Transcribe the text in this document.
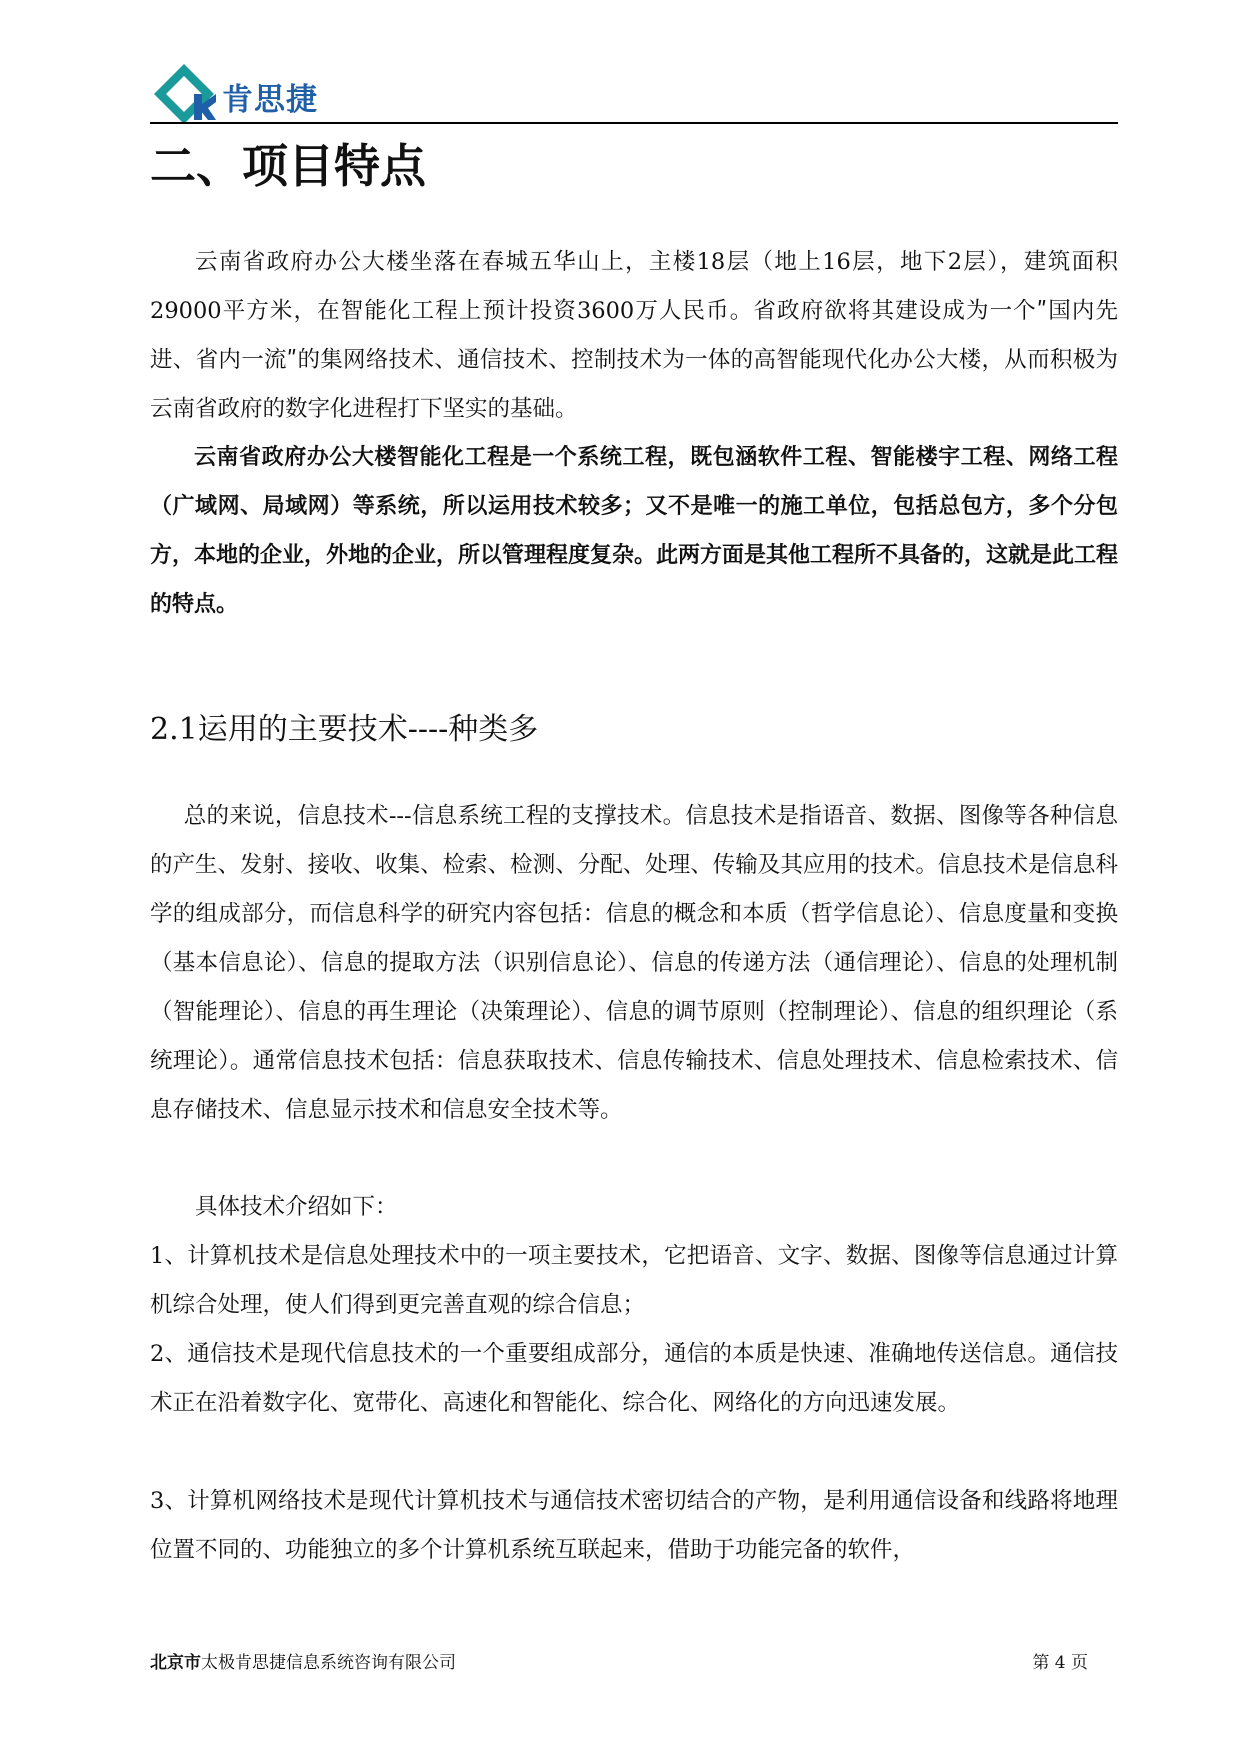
肯思捷
二、项目特点

云南省政府办公大楼坐落在春城五华山上，主楼18层（地上16层，地下2层），建筑面积29000平方米，在智能化工程上预计投资3600万人民币。省政府欲将其建设成为一个ʺ国内先进、省内一流ʺ的集网络技术、通信技术、控制技术为一体的高智能现代化办公大楼，从而积极为云南省政府的数字化进程打下坚实的基础。

云南省政府办公大楼智能化工程是一个系统工程，既包涵软件工程、智能楼宇工程、网络工程（广域网、局域网）等系统，所以运用技术较多；又不是唯一的施工单位，包括总包方，多个分包方，本地的企业，外地的企业，所以管理程度复杂。此两方面是其他工程所不具备的，这就是此工程的特点。

2.1运用的主要技术----种类多

总的来说，信息技术---信息系统工程的支撑技术。信息技术是指语音、数据、图像等各种信息的产生、发射、接收、收集、检索、检测、分配、处理、传输及其应用的技术。信息技术是信息科学的组成部分，而信息科学的研究内容包括：信息的概念和本质（哲学信息论）、信息度量和变换（基本信息论）、信息的提取方法（识别信息论）、信息的传递方法（通信理论）、信息的处理机制（智能理论）、信息的再生理论（决策理论）、信息的调节原则（控制理论）、信息的组织理论（系统理论）。通常信息技术包括：信息获取技术、信息传输技术、信息处理技术、信息检索技术、信息存储技术、信息显示技术和信息安全技术等。

具体技术介绍如下：

1、计算机技术是信息处理技术中的一项主要技术，它把语音、文字、数据、图像等信息通过计算机综合处理，使人们得到更完善直观的综合信息；

2、通信技术是现代信息技术的一个重要组成部分，通信的本质是快速、准确地传送信息。通信技术正在沿着数字化、宽带化、高速化和智能化、综合化、网络化的方向迅速发展。

3、计算机网络技术是现代计算机技术与通信技术密切结合的产物，是利用通信设备和线路将地理位置不同的、功能独立的多个计算机系统互联起来，借助于功能完备的软件，

北京市太极肯思捷信息系统咨询有限公司	第 4 页
